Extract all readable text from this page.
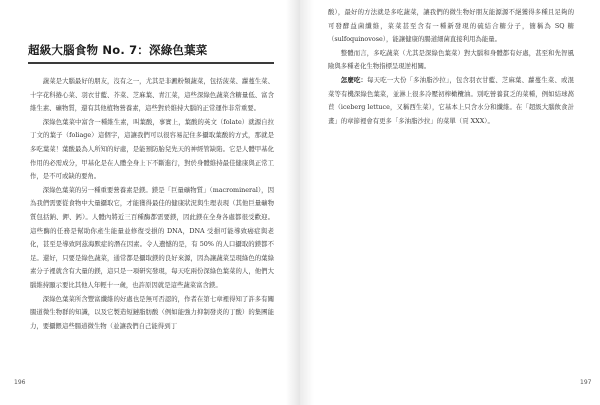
超級大腦食物 No. 7：深綠色葉菜

蔬菜是大腦最好的朋友，沒有之一，尤其是非澱粉類蔬菜，包括菠菜、蘿蔓生菜、十字花科捲心菜、羽衣甘藍、芥菜、芝麻葉、青江菜，這些深綠色蔬菜含糖量低、富含維生素、礦物質，還有其他植物營養素，這些對於維持大腦的正常運作非常重要。

深綠色葉菜中富含一種維生素，叫葉酸，事實上，葉酸的英文（folate）就源自拉丁文的葉子（foliage）這個字，這讓我們可以很容易記住多攝取葉酸的方式，那就是多吃葉菜！葉酸最為人所知的好處，是能預防胎兒先天的神經管缺陷。它是人體甲基化作用的必需成分，甲基化是在人體全身上下不斷進行，對於身體維持最佳健康與正常工作，是不可或缺的要角。

深綠色葉菜的另一種重要營養素是鎂。鎂是「巨量礦物質」（macromineral），因為我們需要從食物中大量攝取它，才能獲得最佳的健康狀況與生理表現（其他巨量礦物質包括鈉、鉀、鈣）。人體內將近三百種酶都需要鎂，因此鎂在全身各處都很受歡迎。這些酶的任務是幫助你產生能量並修復受損的 DNA，DNA 受損可能導致癌症與老化，甚至是導致阿茲海默症的潛在因素。令人遺憾的是，有 50% 的人口攝取的鎂都不足。還好，只要是綠色蔬菜，通常都是攝取鎂的良好來源，因為讓蔬菜呈現綠色的葉綠素分子裡就含有大量的鎂，這只是一項研究發現，每天吃兩份深綠色葉菜的人，他們大腦維持顯示要比其他人年輕十一歲，也許原因就是這些蔬菜富含鎂。

深綠色葉菜所含豐富纖維的好處也是無可否認的，作者在第七章裡得知了許多有關腸道微生物群的知識，以及它製造短鏈脂肪酸（例如能強力抑制發炎的丁酸）的集團能力，要攝餵這些腸道微生物（並讓我們自己能得到丁

196

酸），最好的方法就是多吃蔬菜，讓我們的微生物好朋友能源源不絕獲得多種且足夠的可發酵益菌纖維，菜菜甚至含有一種新發現的硫結合糖分子，簡稱為 SQ 糖（sulfoquinovose），能讓健康的腸道細菌直接利用為能量。

整體而言，多吃蔬菜（尤其是深綠色葉菜）對大腦和身體都有好處，甚至和先智風險與多種老化生物指標呈現逆相關。

怎麼吃：每天吃一大份「多油脂沙拉」，包含羽衣甘藍、芝麻葉、蘿蔓生菜、或混菜等有機深綠色葉菜，並淋上很多冷壓初榨橄欖油。別吃營養貧乏的菜種，例如結球萵苣（iceberg lettuce，又稱西生菜），它基本上只含水分和纖維。在「超級大腦飲食計畫」的章節裡會有更多「多油脂沙拉」的菜單（頁 XXX）。

197
